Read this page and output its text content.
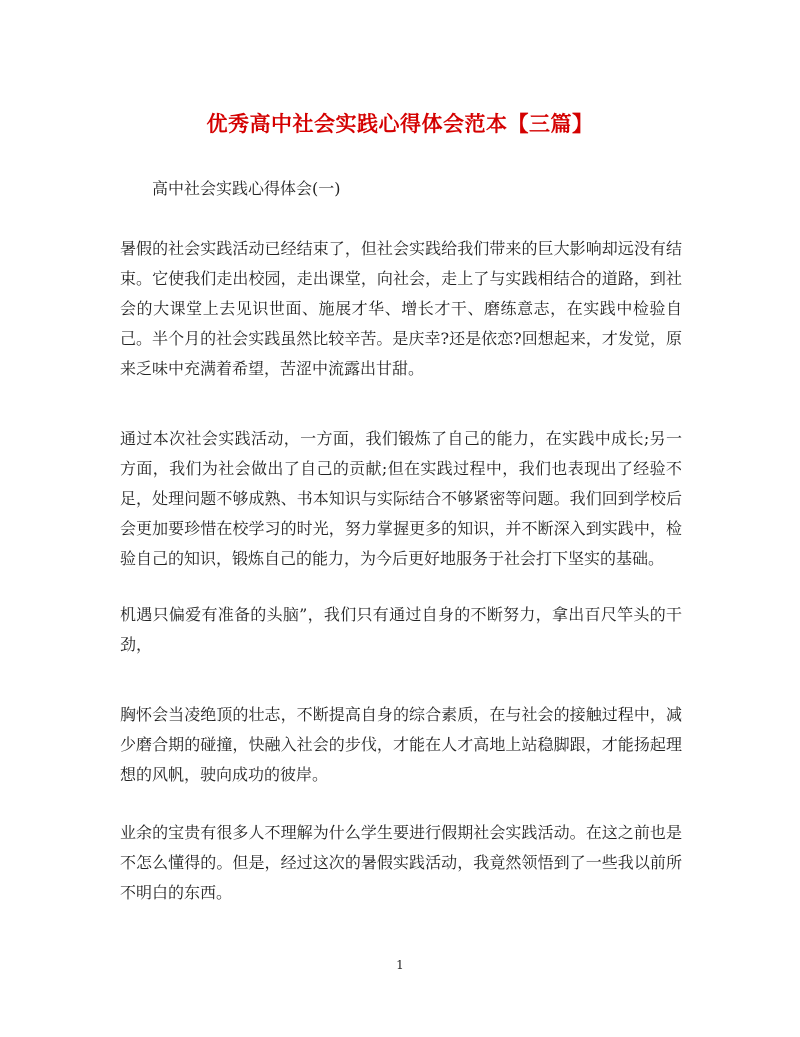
优秀高中社会实践心得体会范本【三篇】
高中社会实践心得体会(一)

暑假的社会实践活动已经结束了，但社会实践给我们带来的巨大影响却远没有结束。它使我们走出校园，走出课堂，向社会，走上了与实践相结合的道路，到社会的大课堂上去见识世面、施展才华、增长才干、磨练意志，在实践中检验自己。半个月的社会实践虽然比较辛苦。是庆幸?还是依恋?回想起来，才发觉，原来乏味中充满着希望，苦涩中流露出甘甜。

通过本次社会实践活动，一方面，我们锻炼了自己的能力，在实践中成长;另一方面，我们为社会做出了自己的贡献;但在实践过程中，我们也表现出了经验不足，处理问题不够成熟、书本知识与实际结合不够紧密等问题。我们回到学校后会更加要珍惜在校学习的时光，努力掌握更多的知识，并不断深入到实践中，检验自己的知识，锻炼自己的能力，为今后更好地服务于社会打下坚实的基础。

机遇只偏爱有准备的头脑”，我们只有通过自身的不断努力，拿出百尺竿头的干劲，

胸怀会当凌绝顶的壮志，不断提高自身的综合素质，在与社会的接触过程中，减少磨合期的碰撞，快融入社会的步伐，才能在人才高地上站稳脚跟，才能扬起理想的风帆，驶向成功的彼岸。

业余的宝贵有很多人不理解为什么学生要进行假期社会实践活动。在这之前也是不怎么懂得的。但是，经过这次的暑假实践活动，我竟然领悟到了一些我以前所不明白的东西。

1
